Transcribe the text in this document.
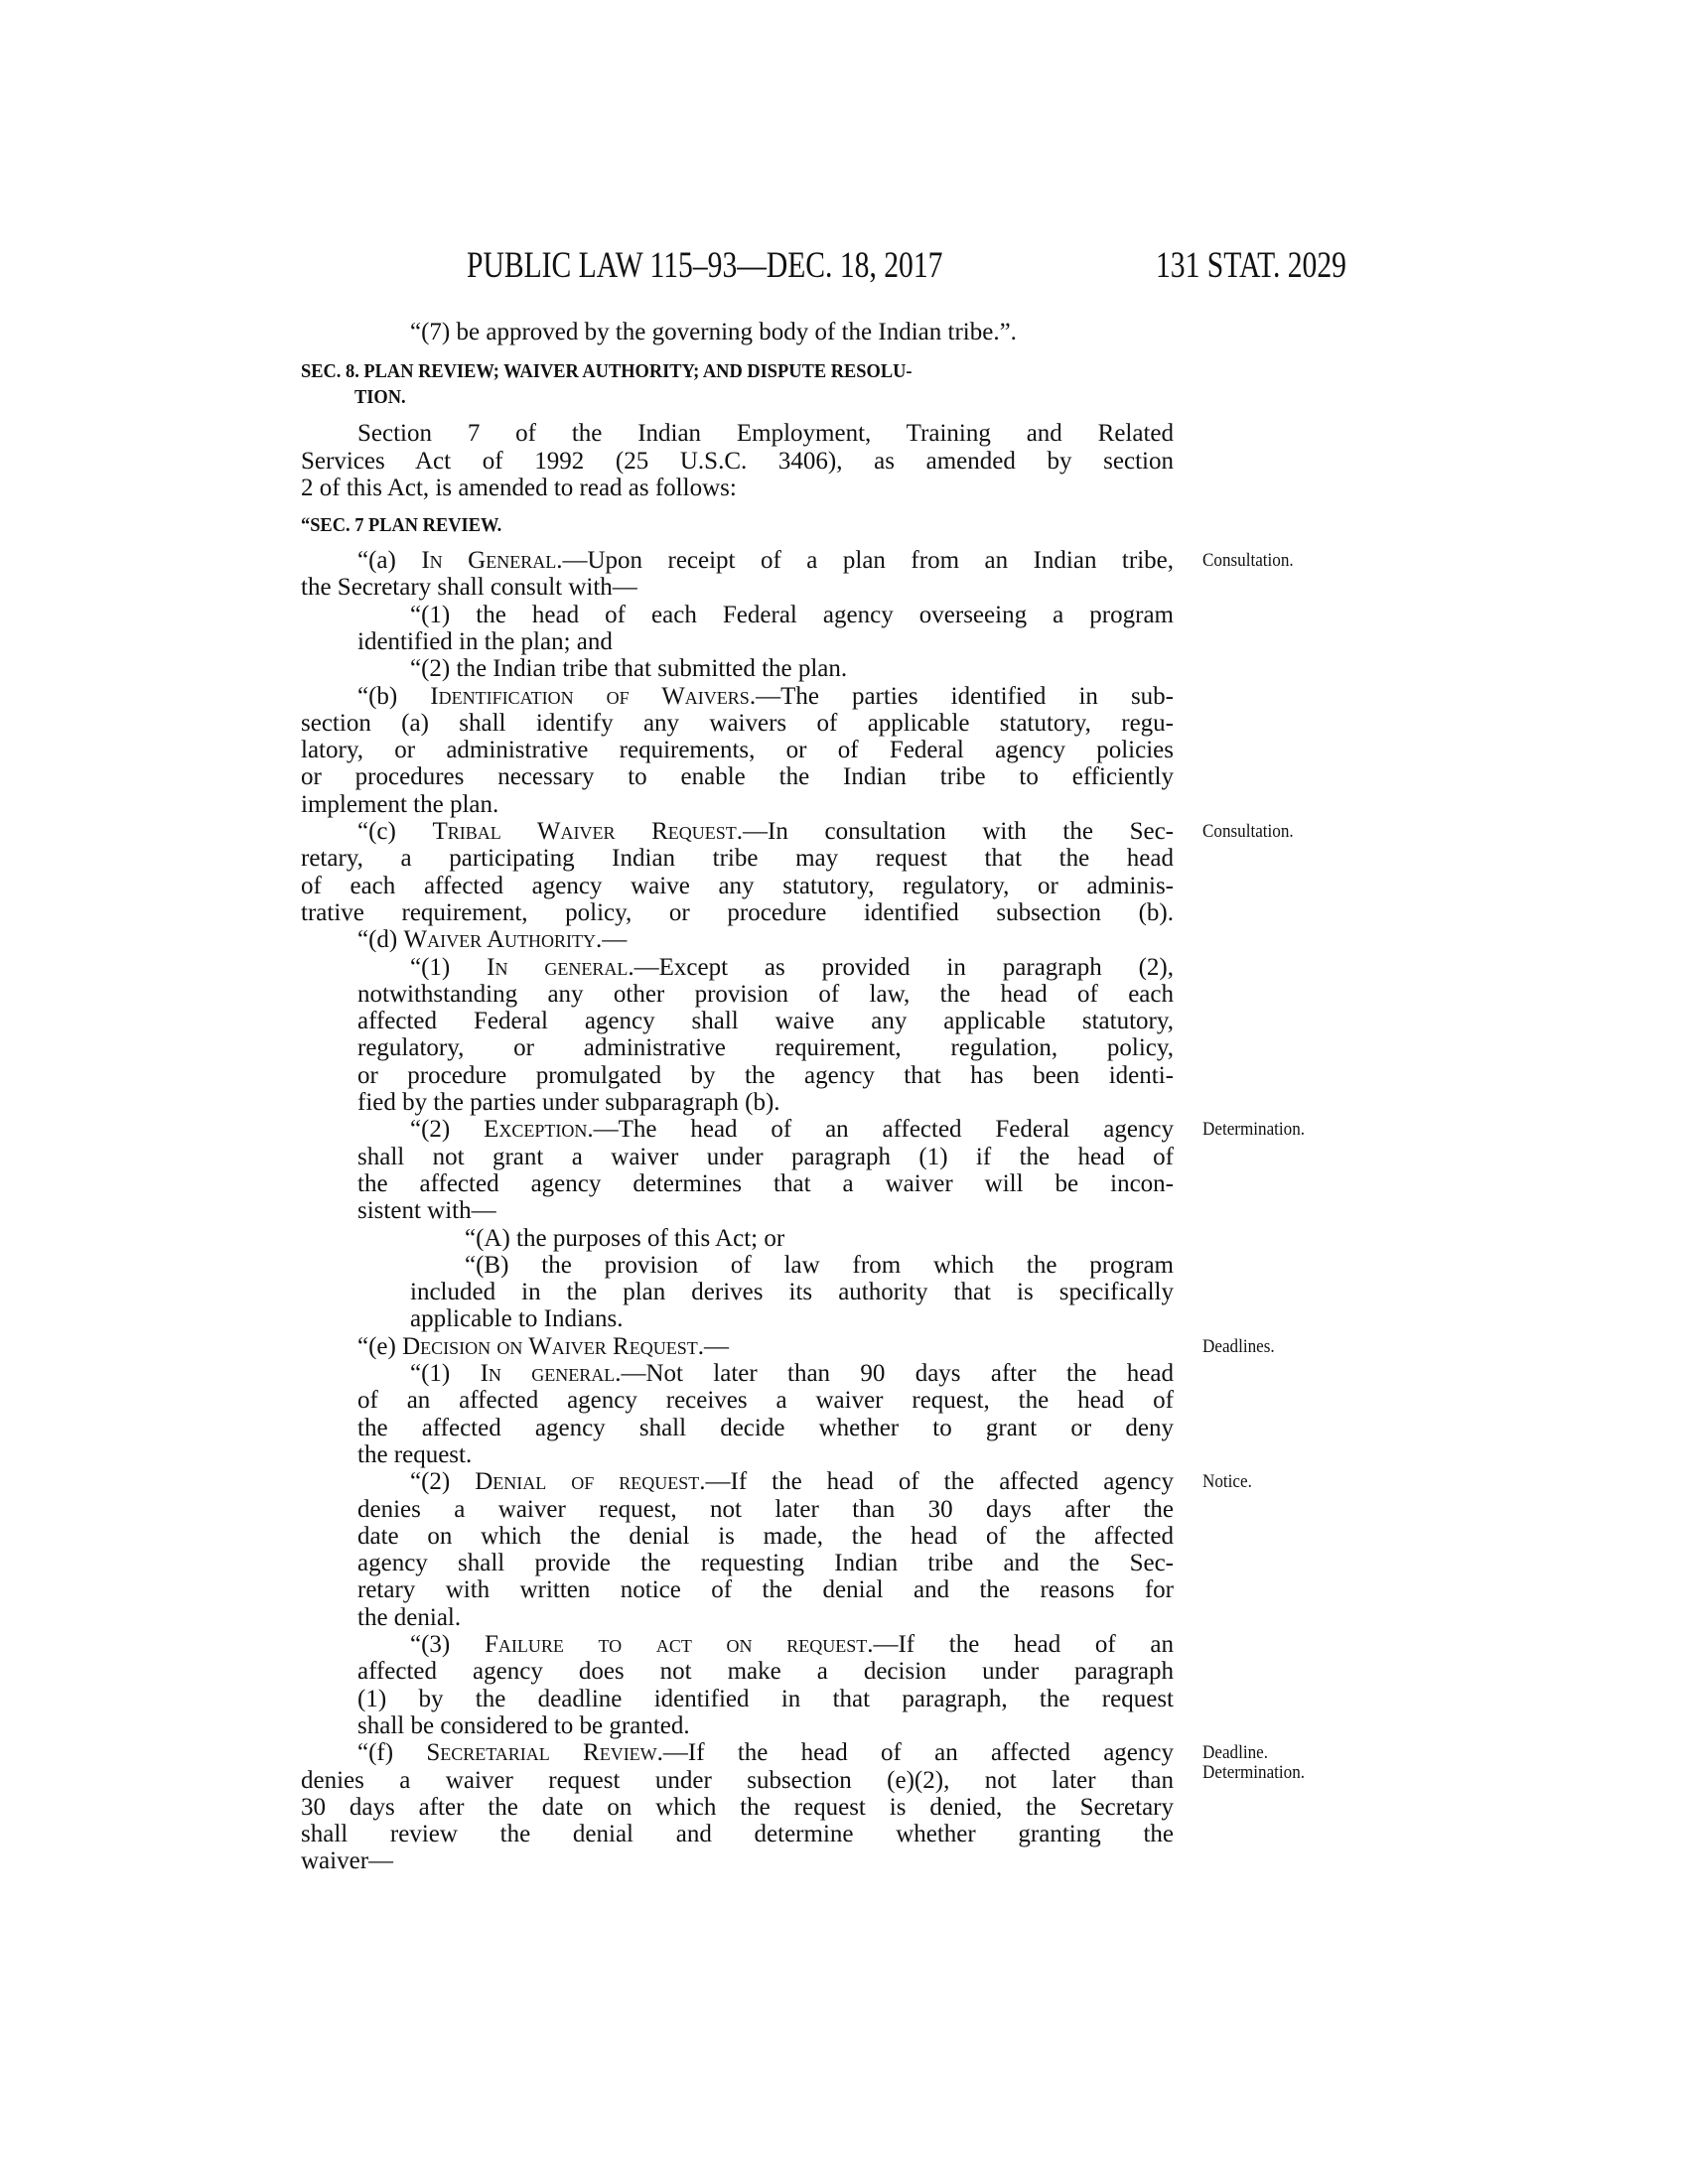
PUBLIC LAW 115–93—DEC. 18, 2017	131 STAT. 2029
“(7) be approved by the governing body of the Indian tribe.”.
SEC. 8. PLAN REVIEW; WAIVER AUTHORITY; AND DISPUTE RESOLU-
TION.
Section 7 of the Indian Employment, Training and Related
Services Act of 1992 (25 U.S.C. 3406), as amended by section
2 of this Act, is amended to read as follows:
“SEC. 7 PLAN REVIEW.
“(a) In General.—Upon receipt of a plan from an Indian tribe,
the Secretary shall consult with—
“(1) the head of each Federal agency overseeing a program
identified in the plan; and
“(2) the Indian tribe that submitted the plan.
“(b) Identification of Waivers.—The parties identified in sub-
section (a) shall identify any waivers of applicable statutory, regu-
latory, or administrative requirements, or of Federal agency policies
or procedures necessary to enable the Indian tribe to efficiently
implement the plan.
“(c) Tribal Waiver Request.—In consultation with the Sec-
retary, a participating Indian tribe may request that the head
of each affected agency waive any statutory, regulatory, or adminis-
trative requirement, policy, or procedure identified subsection (b).
“(d) Waiver Authority.—
“(1) In general.—Except as provided in paragraph (2),
notwithstanding any other provision of law, the head of each
affected Federal agency shall waive any applicable statutory,
regulatory, or administrative requirement, regulation, policy,
or procedure promulgated by the agency that has been identi-
fied by the parties under subparagraph (b).
“(2) Exception.—The head of an affected Federal agency
shall not grant a waiver under paragraph (1) if the head of
the affected agency determines that a waiver will be incon-
sistent with—
“(A) the purposes of this Act; or
“(B) the provision of law from which the program
included in the plan derives its authority that is specifically
applicable to Indians.
“(e) Decision on Waiver Request.—
“(1) In general.—Not later than 90 days after the head
of an affected agency receives a waiver request, the head of
the affected agency shall decide whether to grant or deny
the request.
“(2) Denial of request.—If the head of the affected agency
denies a waiver request, not later than 30 days after the
date on which the denial is made, the head of the affected
agency shall provide the requesting Indian tribe and the Sec-
retary with written notice of the denial and the reasons for
the denial.
“(3) Failure to act on request.—If the head of an
affected agency does not make a decision under paragraph
(1) by the deadline identified in that paragraph, the request
shall be considered to be granted.
“(f) Secretarial Review.—If the head of an affected agency
denies a waiver request under subsection (e)(2), not later than
30 days after the date on which the request is denied, the Secretary
shall review the denial and determine whether granting the
waiver—
Consultation.
Consultation.
Determination.
Deadlines.
Notice.
Deadline.
Determination.
